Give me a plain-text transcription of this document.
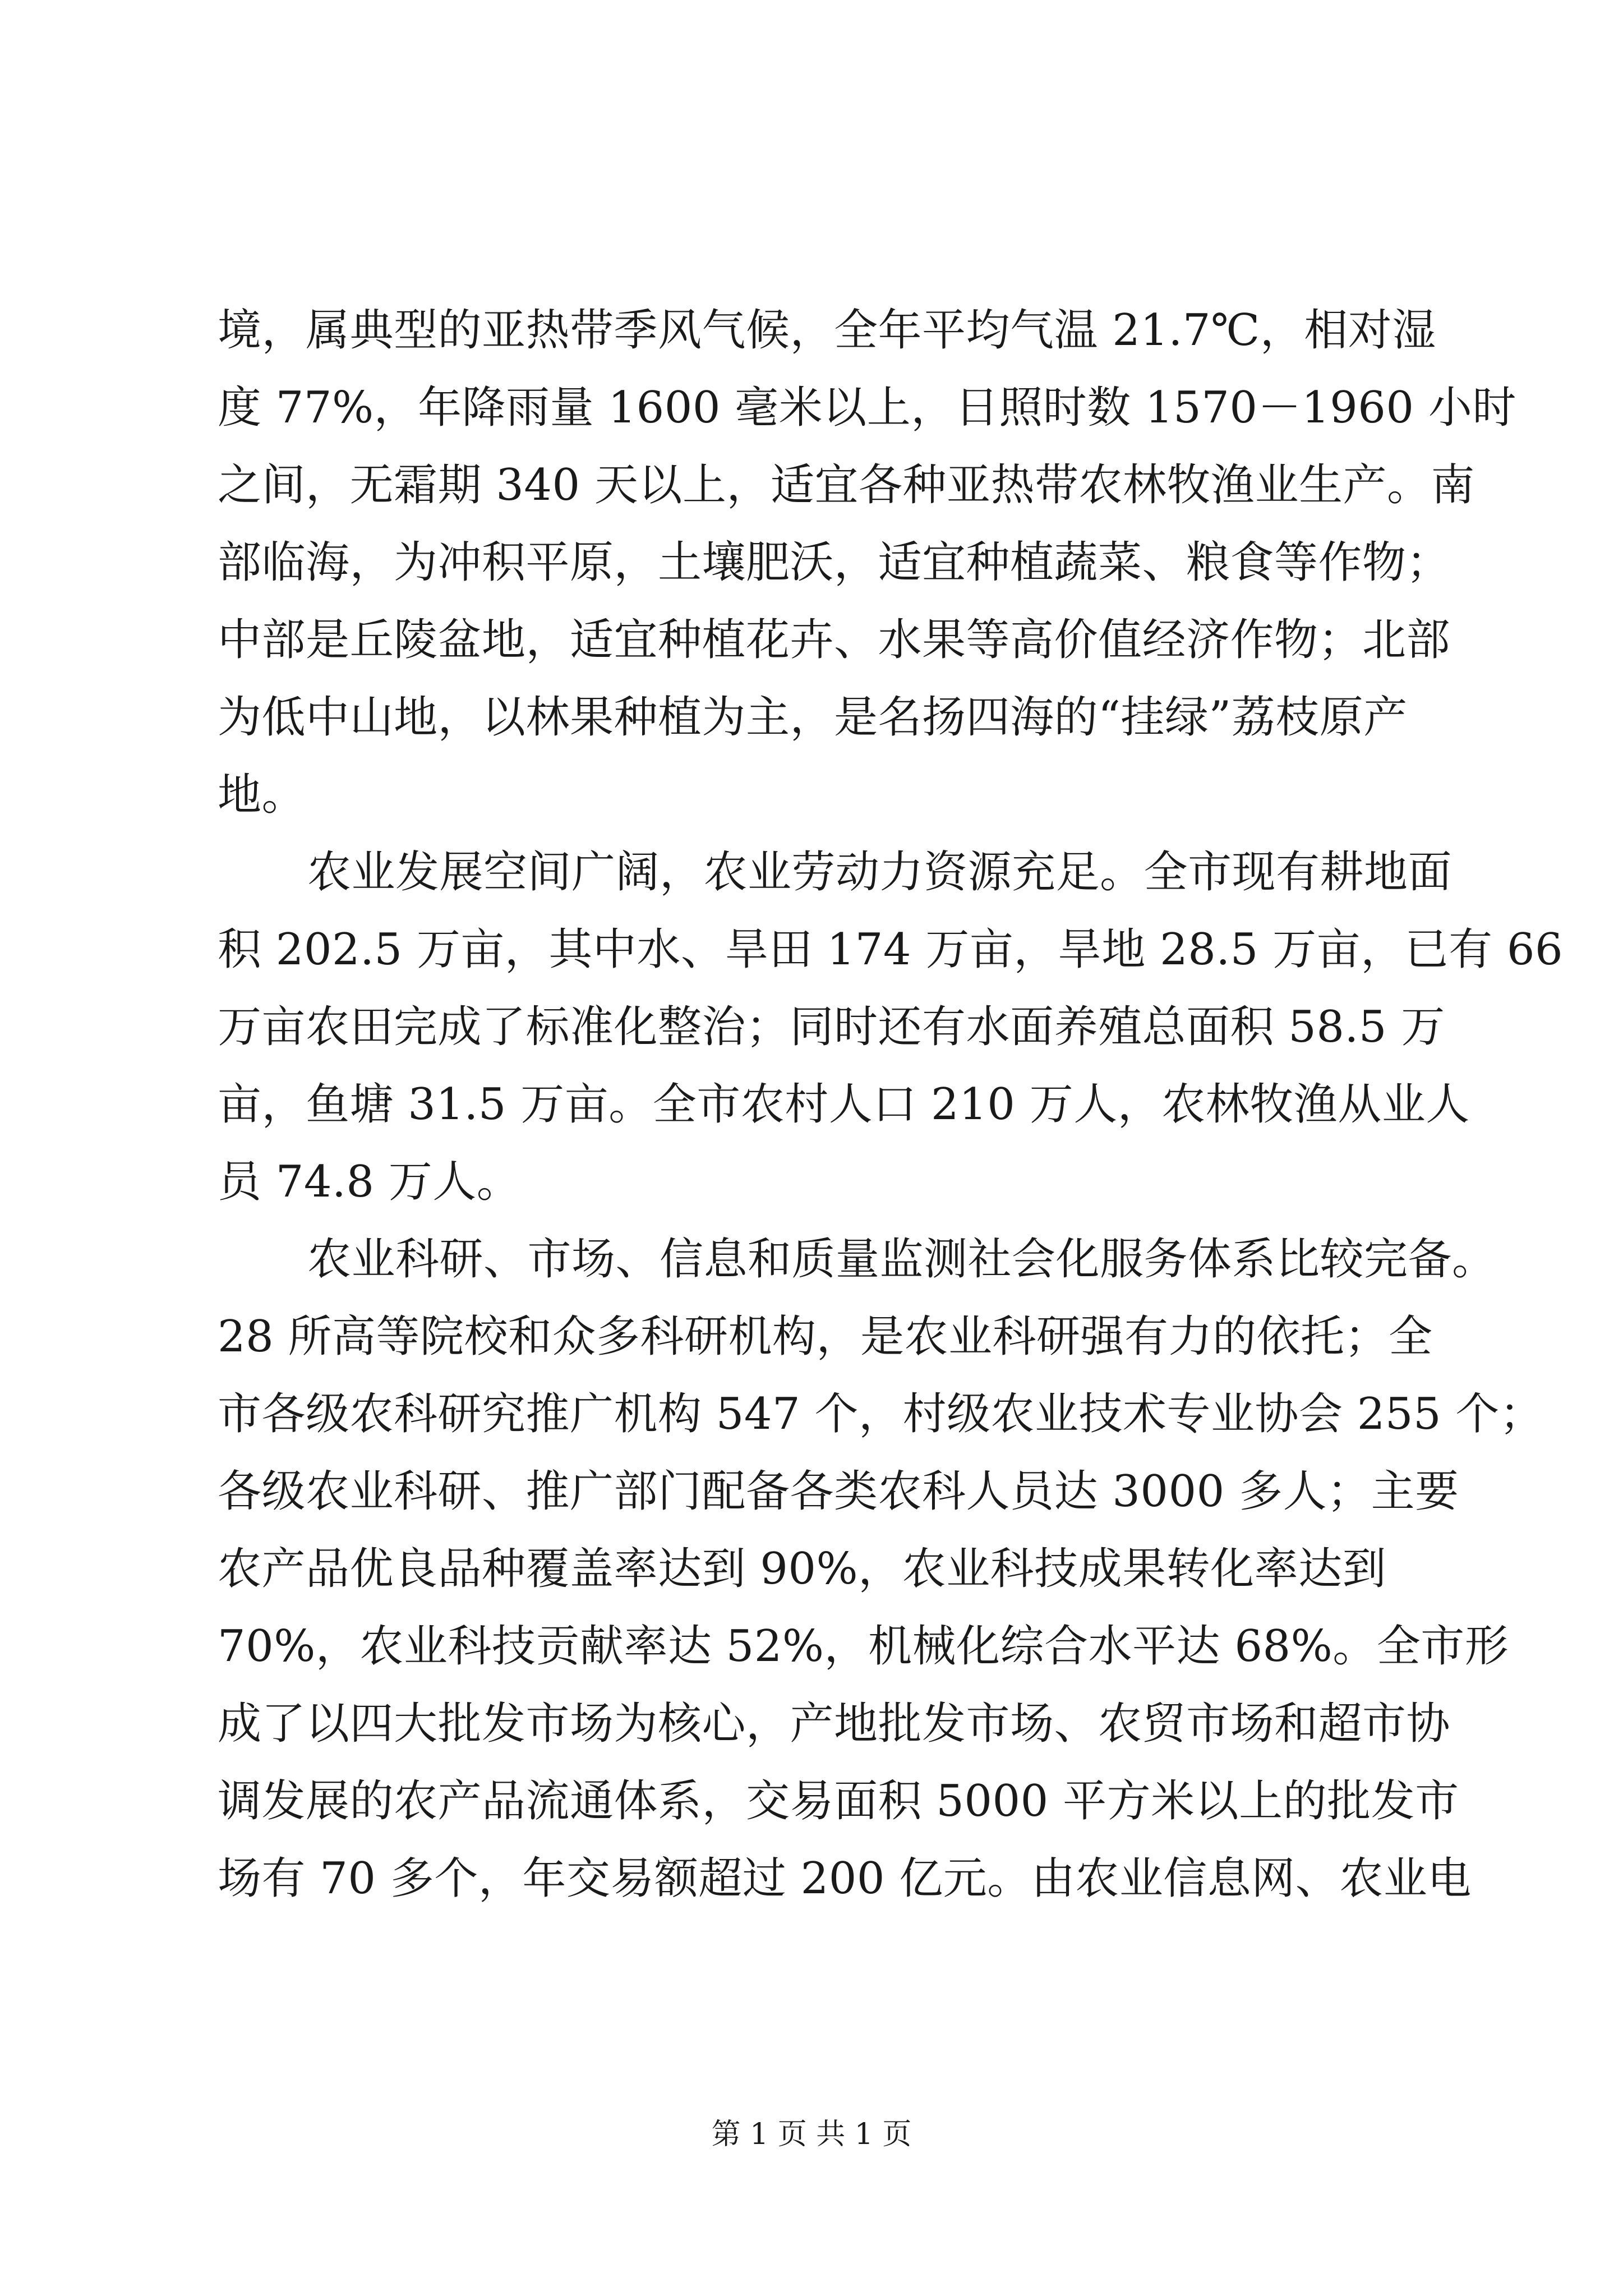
境，属典型的亚热带季风气候，全年平均气温 21.7℃，相对湿
度 77%，年降雨量 1600 毫米以上，日照时数 1570－1960 小时
之间，无霜期 340 天以上，适宜各种亚热带农林牧渔业生产。南
部临海，为冲积平原，土壤肥沃，适宜种植蔬菜、粮食等作物；
中部是丘陵盆地，适宜种植花卉、水果等高价值经济作物；北部
为低中山地，以林果种植为主，是名扬四海的“挂绿”荔枝原产
地。
农业发展空间广阔，农业劳动力资源充足。全市现有耕地面
积 202.5 万亩，其中水、旱田 174 万亩，旱地 28.5 万亩，已有 66
万亩农田完成了标准化整治；同时还有水面养殖总面积 58.5 万
亩，鱼塘 31.5 万亩。全市农村人口 210 万人，农林牧渔从业人
员 74.8 万人。
农业科研、市场、信息和质量监测社会化服务体系比较完备。
28 所高等院校和众多科研机构，是农业科研强有力的依托；全
市各级农科研究推广机构 547 个，村级农业技术专业协会 255 个；
各级农业科研、推广部门配备各类农科人员达 3000 多人；主要
农产品优良品种覆盖率达到 90%，农业科技成果转化率达到
70%，农业科技贡献率达 52%，机械化综合水平达 68%。全市形
成了以四大批发市场为核心，产地批发市场、农贸市场和超市协
调发展的农产品流通体系，交易面积 5000 平方米以上的批发市
场有 70 多个，年交易额超过 200 亿元。由农业信息网、农业电
第 1 页 共 1 页
